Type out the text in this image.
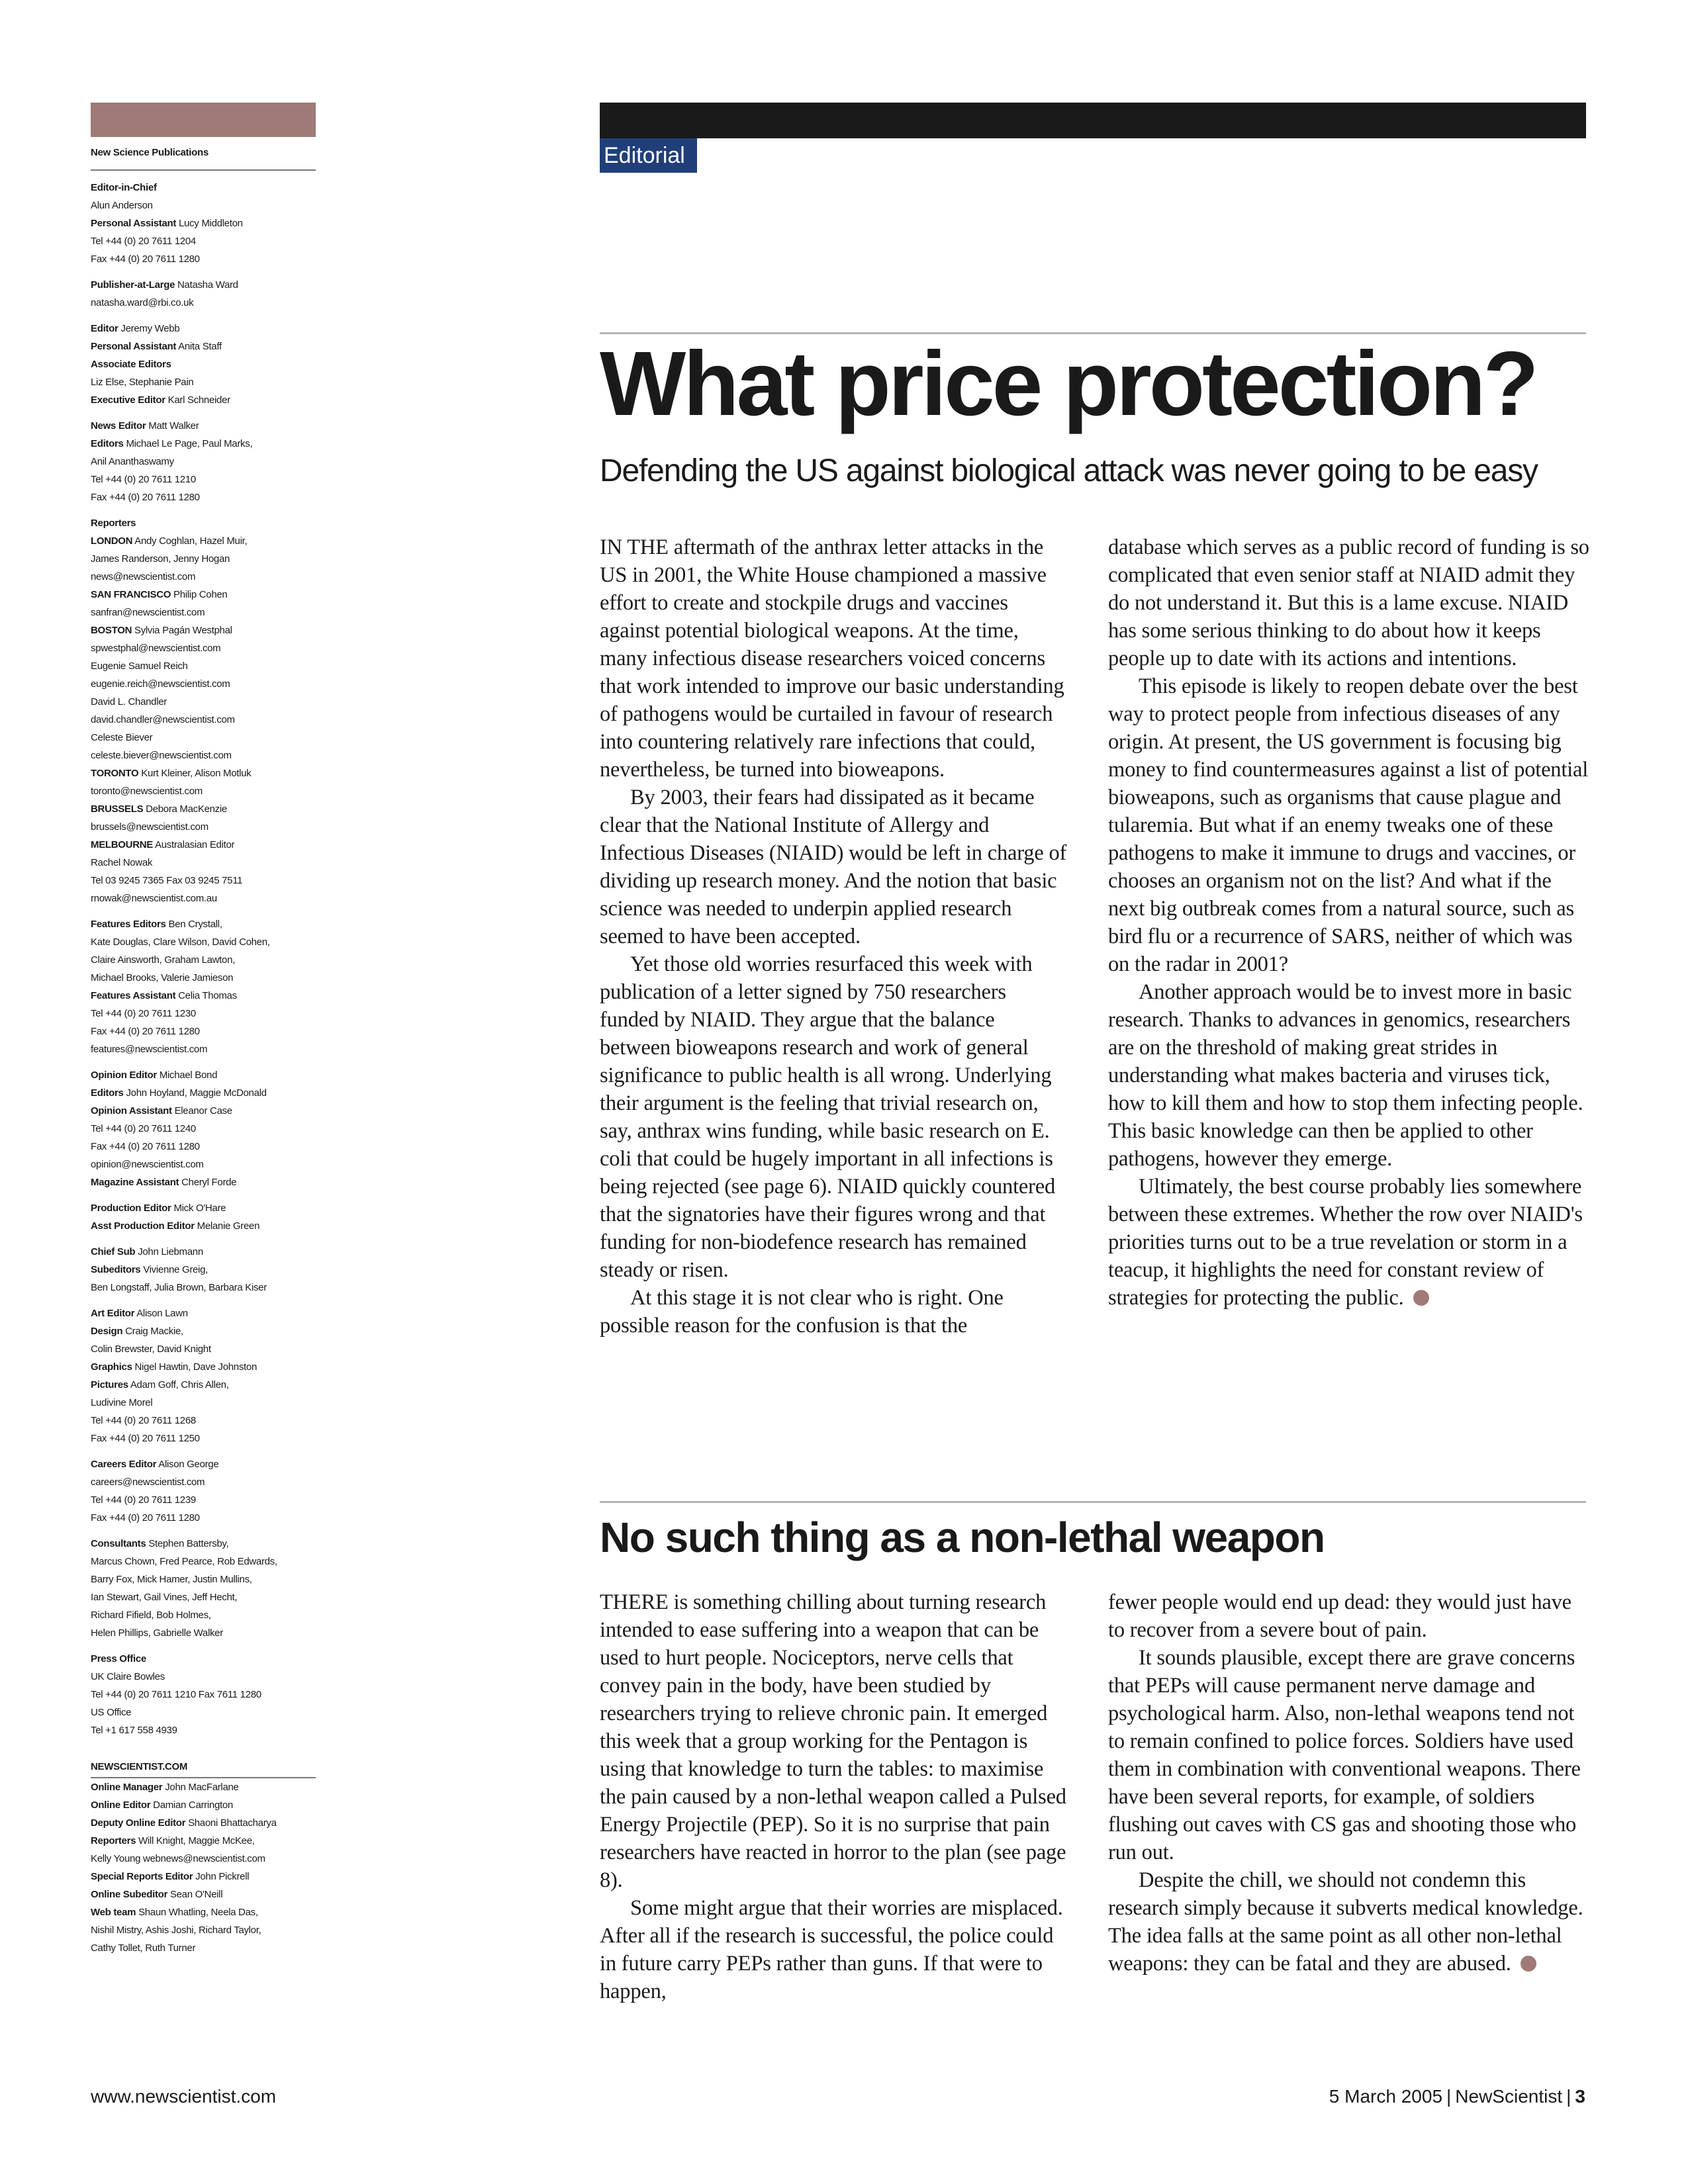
New Science Publications
Editor-in-Chief
Alun Anderson
Personal Assistant Lucy Middleton
Tel +44 (0) 20 7611 1204
Fax +44 (0) 20 7611 1280
Publisher-at-Large Natasha Ward
natasha.ward@rbi.co.uk
Editor Jeremy Webb
Personal Assistant Anita Staff
Associate Editors
Liz Else, Stephanie Pain
Executive Editor Karl Schneider
News Editor Matt Walker
Editors Michael Le Page, Paul Marks,
Anil Ananthaswamy
Tel +44 (0) 20 7611 1210
Fax +44 (0) 20 7611 1280
Reporters
LONDON Andy Coghlan, Hazel Muir,
James Randerson, Jenny Hogan
news@newscientist.com
SAN FRANCISCO Philip Cohen
sanfran@newscientist.com
BOSTON Sylvia Pagán Westphal
spwestphal@newscientist.com
Eugenie Samuel Reich
eugenie.reich@newscientist.com
David L. Chandler
david.chandler@newscientist.com
Celeste Biever
celeste.biever@newscientist.com
TORONTO Kurt Kleiner, Alison Motluk
toronto@newscientist.com
BRUSSELS Debora MacKenzie
brussels@newscientist.com
MELBOURNE Australasian Editor
Rachel Nowak
Tel 03 9245 7365 Fax 03 9245 7511
rnowak@newscientist.com.au
Features Editors Ben Crystall,
Kate Douglas, Clare Wilson, David Cohen,
Claire Ainsworth, Graham Lawton,
Michael Brooks, Valerie Jamieson
Features Assistant Celia Thomas
Tel +44 (0) 20 7611 1230
Fax +44 (0) 20 7611 1280
features@newscientist.com
Opinion Editor Michael Bond
Editors John Hoyland, Maggie McDonald
Opinion Assistant Eleanor Case
Tel +44 (0) 20 7611 1240
Fax +44 (0) 20 7611 1280
opinion@newscientist.com
Magazine Assistant Cheryl Forde
Production Editor Mick O'Hare
Asst Production Editor Melanie Green
Chief Sub John Liebmann
Subeditors Vivienne Greig,
Ben Longstaff, Julia Brown, Barbara Kiser
Art Editor Alison Lawn
Design Craig Mackie,
Colin Brewster, David Knight
Graphics Nigel Hawtin, Dave Johnston
Pictures Adam Goff, Chris Allen,
Ludivine Morel
Tel +44 (0) 20 7611 1268
Fax +44 (0) 20 7611 1250
Careers Editor Alison George
careers@newscientist.com
Tel +44 (0) 20 7611 1239
Fax +44 (0) 20 7611 1280
Consultants Stephen Battersby,
Marcus Chown, Fred Pearce, Rob Edwards,
Barry Fox, Mick Hamer, Justin Mullins,
Ian Stewart, Gail Vines, Jeff Hecht,
Richard Fifield, Bob Holmes,
Helen Phillips, Gabrielle Walker
Press Office
UK Claire Bowles
Tel +44 (0) 20 7611 1210 Fax 7611 1280
US Office
Tel +1 617 558 4939
NEWSCIENTIST.COM
Online Manager John MacFarlane
Online Editor Damian Carrington
Deputy Online Editor Shaoni Bhattacharya
Reporters Will Knight, Maggie McKee,
Kelly Young webnews@newscientist.com
Special Reports Editor John Pickrell
Online Subeditor Sean O'Neill
Web team Shaun Whatling, Neela Das,
Nishil Mistry, Ashis Joshi, Richard Taylor,
Cathy Tollet, Ruth Turner
Editorial
What price protection?

Defending the US against biological attack was never going to be easy

IN THE aftermath of the anthrax letter attacks in the US in 2001, the White House championed a massive effort to create and stockpile drugs and vaccines against potential biological weapons. At the time, many infectious disease researchers voiced concerns that work intended to improve our basic understanding of pathogens would be curtailed in favour of research into countering relatively rare infections that could, nevertheless, be turned into bioweapons.

By 2003, their fears had dissipated as it became clear that the National Institute of Allergy and Infectious Diseases (NIAID) would be left in charge of dividing up research money. And the notion that basic science was needed to underpin applied research seemed to have been accepted.

Yet those old worries resurfaced this week with publication of a letter signed by 750 researchers funded by NIAID. They argue that the balance between bioweapons research and work of general significance to public health is all wrong. Underlying their argument is the feeling that trivial research on, say, anthrax wins funding, while basic research on E. coli that could be hugely important in all infections is being rejected (see page 6). NIAID quickly countered that the signatories have their figures wrong and that funding for non-biodefence research has remained steady or risen.

At this stage it is not clear who is right. One possible reason for the confusion is that the

database which serves as a public record of funding is so complicated that even senior staff at NIAID admit they do not understand it. But this is a lame excuse. NIAID has some serious thinking to do about how it keeps people up to date with its actions and intentions.

This episode is likely to reopen debate over the best way to protect people from infectious diseases of any origin. At present, the US government is focusing big money to find countermeasures against a list of potential bioweapons, such as organisms that cause plague and tularemia. But what if an enemy tweaks one of these pathogens to make it immune to drugs and vaccines, or chooses an organism not on the list? And what if the next big outbreak comes from a natural source, such as bird flu or a recurrence of SARS, neither of which was on the radar in 2001?

Another approach would be to invest more in basic research. Thanks to advances in genomics, researchers are on the threshold of making great strides in understanding what makes bacteria and viruses tick, how to kill them and how to stop them infecting people. This basic knowledge can then be applied to other pathogens, however they emerge.

Ultimately, the best course probably lies somewhere between these extremes. Whether the row over NIAID's priorities turns out to be a true revelation or storm in a teacup, it highlights the need for constant review of strategies for protecting the public.

No such thing as a non-lethal weapon

THERE is something chilling about turning research intended to ease suffering into a weapon that can be used to hurt people. Nociceptors, nerve cells that convey pain in the body, have been studied by researchers trying to relieve chronic pain. It emerged this week that a group working for the Pentagon is using that knowledge to turn the tables: to maximise the pain caused by a non-lethal weapon called a Pulsed Energy Projectile (PEP). So it is no surprise that pain researchers have reacted in horror to the plan (see page 8).

Some might argue that their worries are misplaced. After all if the research is successful, the police could in future carry PEPs rather than guns. If that were to happen,

fewer people would end up dead: they would just have to recover from a severe bout of pain.

It sounds plausible, except there are grave concerns that PEPs will cause permanent nerve damage and psychological harm. Also, non-lethal weapons tend not to remain confined to police forces. Soldiers have used them in combination with conventional weapons. There have been several reports, for example, of soldiers flushing out caves with CS gas and shooting those who run out.

Despite the chill, we should not condemn this research simply because it subverts medical knowledge. The idea falls at the same point as all other non-lethal weapons: they can be fatal and they are abused.

www.newscientist.com	5 March 2005 | NewScientist | 3
